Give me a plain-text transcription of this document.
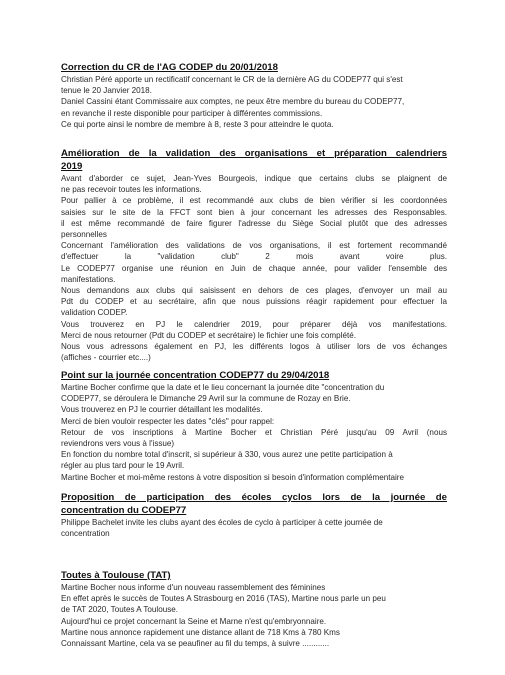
Correction du CR de l'AG CODEP du 20/01/2018
Christian Péré apporte un rectificatif concernant le CR de la dernière AG du CODEP77 qui s'est
tenue le 20 Janvier 2018.
Daniel Cassini étant Commissaire aux comptes, ne peux être membre du bureau du CODEP77,
en revanche il reste disponible pour participer à différentes commissions.
Ce qui porte ainsi le nombre de membre à 8, reste 3 pour atteindre le quota.
Amélioration de la validation des organisations et préparation calendriers
2019
Avant d'aborder ce sujet, Jean-Yves Bourgeois, indique que certains clubs se plaignent de
ne pas recevoir toutes les informations.
Pour pallier à ce problème, il est recommandé aux clubs de bien vérifier si les coordonnées
saisies sur le site de la FFCT sont bien à jour concernant les adresses des Responsables.
il est même recommandé de faire figurer l'adresse du Siège Social plutôt que des adresses
personnelles
Concernant l'amélioration des validations de vos organisations, il est fortement recommandé
d'effectuer la "validation club" 2 mois avant voire plus.
Le CODEP77 organise une réunion en Juin de chaque année, pour valider l'ensemble des
manifestations.
Nous demandons aux clubs qui saisissent en dehors de ces plages, d'envoyer un mail au
Pdt du CODEP et au secrétaire, afin que nous puissions réagir rapidement pour effectuer la
validation CODEP.
Vous trouverez en PJ le calendrier 2019, pour préparer déjà vos manifestations.
Merci de nous retourner (Pdt du CODEP et secrétaire) le fichier une fois complété.
Nous vous adressons également en PJ, les différents logos à utiliser lors de vos échanges
(affiches - courrier etc....)
Point sur la journée concentration CODEP77 du 29/04/2018
Martine Bocher confirme que la date et le lieu concernant la journée dite "concentration du
CODEP77, se déroulera le Dimanche 29 Avril sur la commune de Rozay en Brie.
Vous trouverez en PJ le courrier détaillant les modalités.
Merci de bien vouloir respecter les dates "clés" pour rappel:
Retour de vos inscriptions à Martine Bocher et Christian Péré jusqu'au 09 Avril (nous
reviendrons vers vous à l'issue)
En fonction du nombre total d'inscrit, si supérieur à 330, vous aurez une petite participation à
régler au plus tard pour le 19 Avril.
Martine Bocher et moi-même restons à votre disposition si besoin d'information complémentaire
Proposition de participation des écoles cyclos lors de la journée de
concentration du CODEP77
Philippe Bachelet invite les clubs ayant des écoles de cyclo à participer à cette journée de
concentration
Toutes à Toulouse (TAT)
Martine Bocher nous informe d'un nouveau rassemblement des féminines
En effet après le succès de Toutes A Strasbourg en 2016 (TAS), Martine nous parle un peu
de TAT 2020, Toutes A Toulouse.
Aujourd'hui ce projet concernant la Seine et Marne n'est qu'embryonnaire.
Martine nous annonce rapidement une distance allant de 718 Kms à 780 Kms
Connaissant Martine, cela va se peaufiner au fil du temps, à suivre ............
